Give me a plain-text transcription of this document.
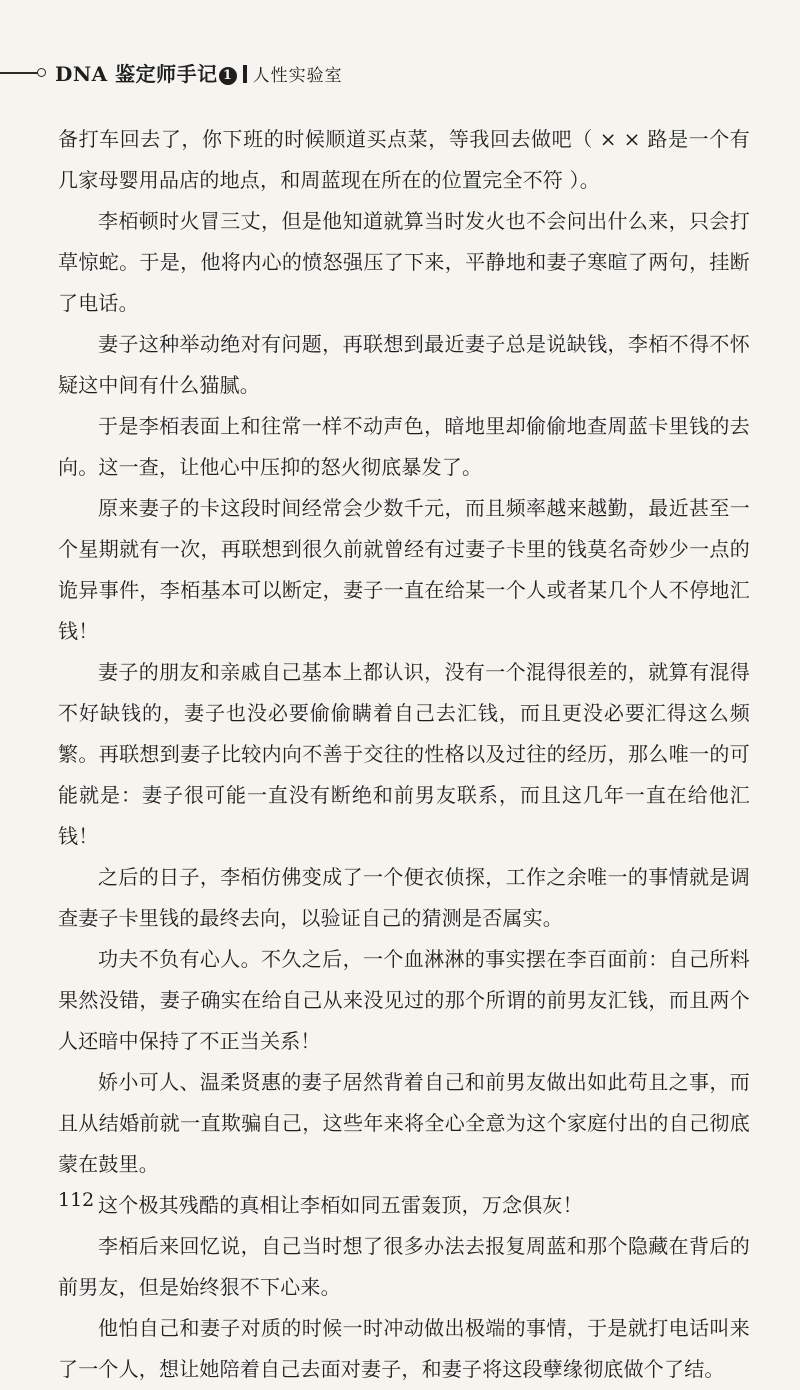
DNA 鉴定师手记 1 人性实验室

备打车回去了，你下班的时候顺道买点菜，等我回去做吧（ × × 路是一个有几家母婴用品店的地点，和周蓝现在所在的位置完全不符 ）。

李栢顿时火冒三丈，但是他知道就算当时发火也不会问出什么来，只会打草惊蛇。于是，他将内心的愤怒强压了下来，平静地和妻子寒暄了两句，挂断了电话。

妻子这种举动绝对有问题，再联想到最近妻子总是说缺钱，李栢不得不怀疑这中间有什么猫腻。

于是李栢表面上和往常一样不动声色，暗地里却偷偷地查周蓝卡里钱的去向。这一查，让他心中压抑的怒火彻底暴发了。

原来妻子的卡这段时间经常会少数千元，而且频率越来越勤，最近甚至一个星期就有一次，再联想到很久前就曾经有过妻子卡里的钱莫名奇妙少一点的诡异事件，李栢基本可以断定，妻子一直在给某一个人或者某几个人不停地汇钱！

妻子的朋友和亲戚自己基本上都认识，没有一个混得很差的，就算有混得不好缺钱的，妻子也没必要偷偷瞒着自己去汇钱，而且更没必要汇得这么频繁。再联想到妻子比较内向不善于交往的性格以及过往的经历，那么唯一的可能就是：妻子很可能一直没有断绝和前男友联系，而且这几年一直在给他汇钱！

之后的日子，李栢仿佛变成了一个便衣侦探，工作之余唯一的事情就是调查妻子卡里钱的最终去向，以验证自己的猜测是否属实。

功夫不负有心人。不久之后，一个血淋淋的事实摆在李百面前：自己所料果然没错，妻子确实在给自己从来没见过的那个所谓的前男友汇钱，而且两个人还暗中保持了不正当关系！

娇小可人、温柔贤惠的妻子居然背着自己和前男友做出如此苟且之事，而且从结婚前就一直欺骗自己，这些年来将全心全意为这个家庭付出的自己彻底蒙在鼓里。

这个极其残酷的真相让李栢如同五雷轰顶，万念俱灰！

李栢后来回忆说，自己当时想了很多办法去报复周蓝和那个隐藏在背后的前男友，但是始终狠不下心来。

他怕自己和妻子对质的时候一时冲动做出极端的事情，于是就打电话叫来了一个人，想让她陪着自己去面对妻子，和妻子将这段孽缘彻底做个了结。

112
